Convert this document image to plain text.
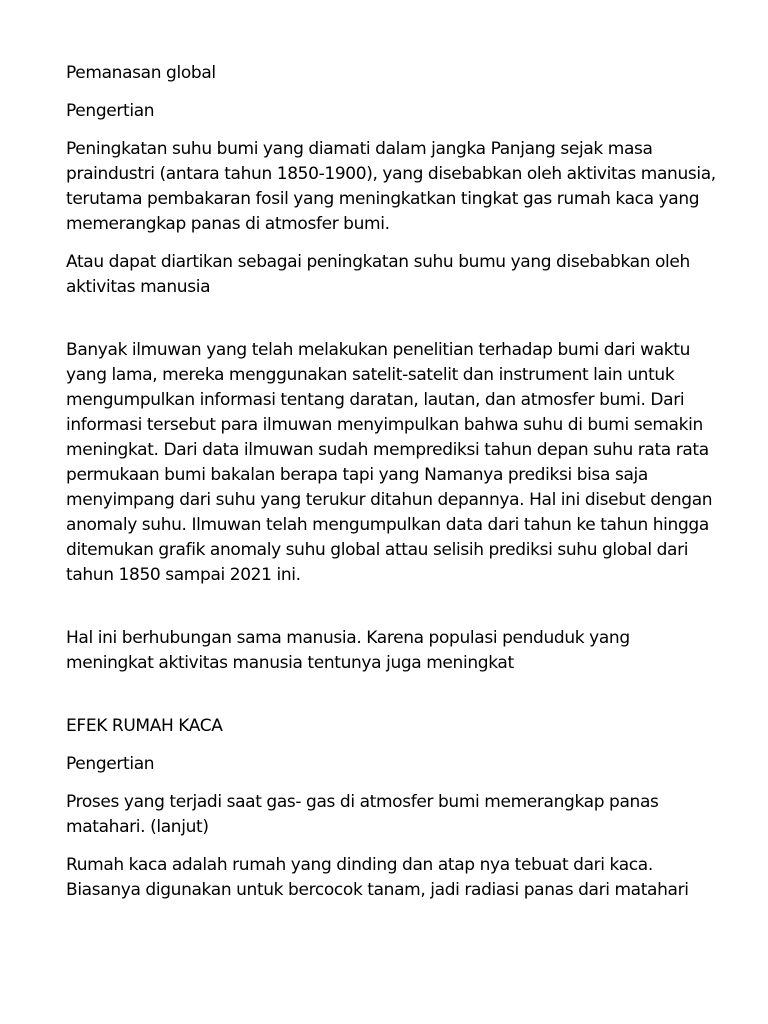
Pemanasan global

Pengertian

Peningkatan suhu bumi yang diamati dalam jangka Panjang sejak masa praindustri (antara tahun 1850-1900), yang disebabkan oleh aktivitas manusia, terutama pembakaran fosil yang meningkatkan tingkat gas rumah kaca yang memerangkap panas di atmosfer bumi.

Atau dapat diartikan sebagai peningkatan suhu bumu yang disebabkan oleh aktivitas manusia

Banyak ilmuwan yang telah melakukan penelitian terhadap bumi dari waktu yang lama, mereka menggunakan satelit-satelit dan instrument lain untuk mengumpulkan informasi tentang daratan, lautan, dan atmosfer bumi. Dari informasi tersebut para ilmuwan menyimpulkan bahwa suhu di bumi semakin meningkat. Dari data ilmuwan sudah memprediksi tahun depan suhu rata rata permukaan bumi bakalan berapa tapi yang Namanya prediksi bisa saja menyimpang dari suhu yang terukur ditahun depannya. Hal ini disebut dengan anomaly suhu. Ilmuwan telah mengumpulkan data dari tahun ke tahun hingga ditemukan grafik anomaly suhu global attau selisih prediksi suhu global dari tahun 1850 sampai 2021 ini.

Hal ini berhubungan sama manusia. Karena populasi penduduk yang meningkat aktivitas manusia tentunya juga meningkat

EFEK RUMAH KACA

Pengertian

Proses yang terjadi saat gas- gas di atmosfer bumi memerangkap panas matahari. (lanjut)

Rumah kaca adalah rumah yang dinding dan atap nya tebuat dari kaca. Biasanya digunakan untuk bercocok tanam, jadi radiasi panas dari matahari
